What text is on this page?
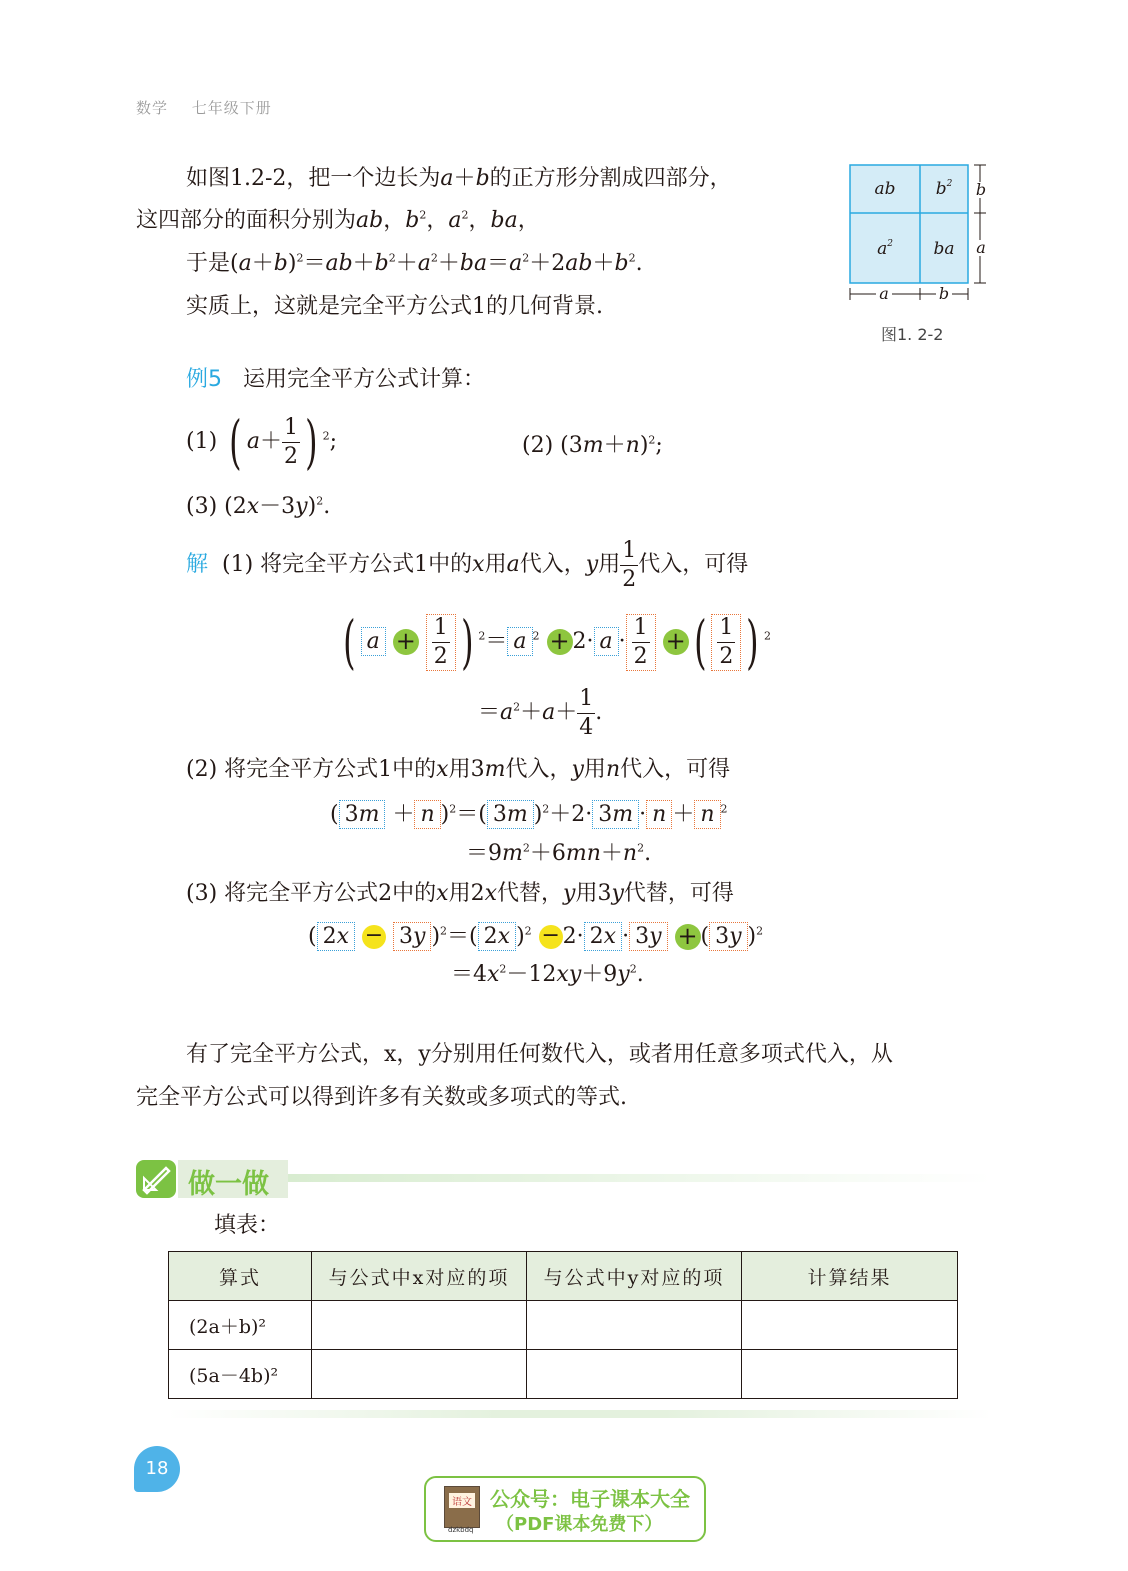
数学 七年级下册
如图1.2-2，把一个边长为a＋b的正方形分割成四部分，
这四部分的面积分别为ab，$b^2$，$a^2$，ba，
于是$(a+b)^2=ab+b^2+a^2+ba=a^2+2ab+b^2$.
实质上，这就是完全平方公式1的几何背景.
ab $b^2$
$a^2$ ba
b
a
a	b
图1. 2-2
例5 运用完全平方公式计算：
(1) ( $a+ \frac{1}{2}$ ) $^2$;	(2) $(3m+n)^2$;
(3) $(2x-3y)^2$.
解 (1) 将完全平方公式1中的x用a代入，y用 $\frac{1}{2}$ 代入，可得
( $a + \frac{1}{2}$ ) $^2$＝ a $^2 + 2\cdot a \cdot \frac{1}{2}$ + ( $\frac{1}{2}$ ) $^2$
$=a^2+a+ \frac{1}{4}$ .
(2) 将完全平方公式1中的x用3m代入，y用n代入，可得
( 3m ＋ n )$^2$＝( 3m )$^2$＋2· 3m · n ＋ n $^2$
$=9m^2+6mn+n^2$.
(3) 将完全平方公式2中的x用2x代替，y用3y代替，可得
( 2x − 3y )$^2$＝( 2x )$^2$ − 2· 2x · 3y + ( 3y )$^2$
$=4x^2-12xy+9y^2$.
有了完全平方公式，x，y分别用任何数代入，或者用任意多项式代入，从
完全平方公式可以得到许多有关数或多项式的等式.
做一做
填表：
算式	与公式中x对应的项	与公式中y对应的项	计算结果
(2a＋b)²			
(5a－4b)²			
18
语文
dzkbdq
公众号：电子课本大全
（PDF课本免费下）
